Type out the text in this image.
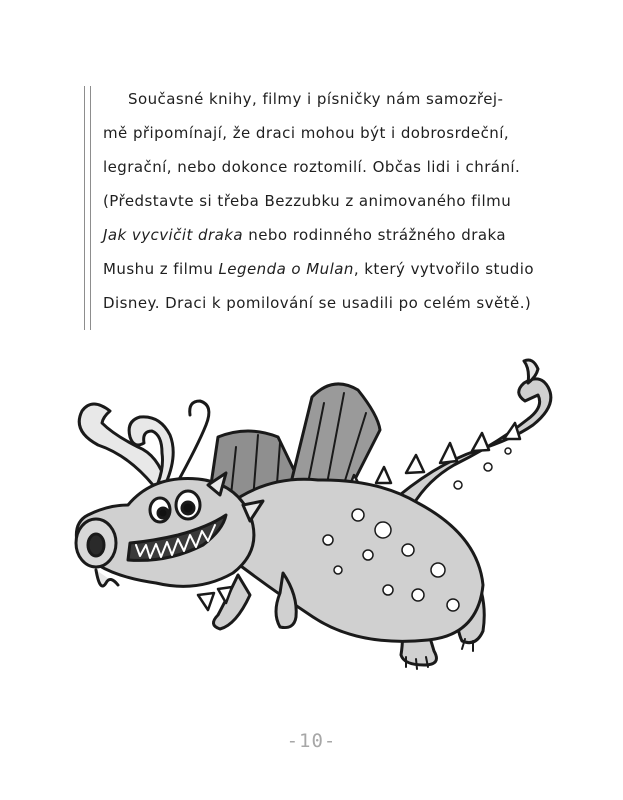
Současné knihy, filmy i písničky nám samozřej-
mě připomínají, že draci mohou být i dobrosrdeční,
legrační, nebo dokonce roztomilí. Občas lidi i chrání.
(Představte si třeba Bezzubku z animovaného filmu
Jak vycvičit draka nebo rodinného strážného draka
Mushu z filmu Legenda o Mulan, který vytvořilo studio
Disney. Draci k pomilování se usadili po celém světě.)
-10-
